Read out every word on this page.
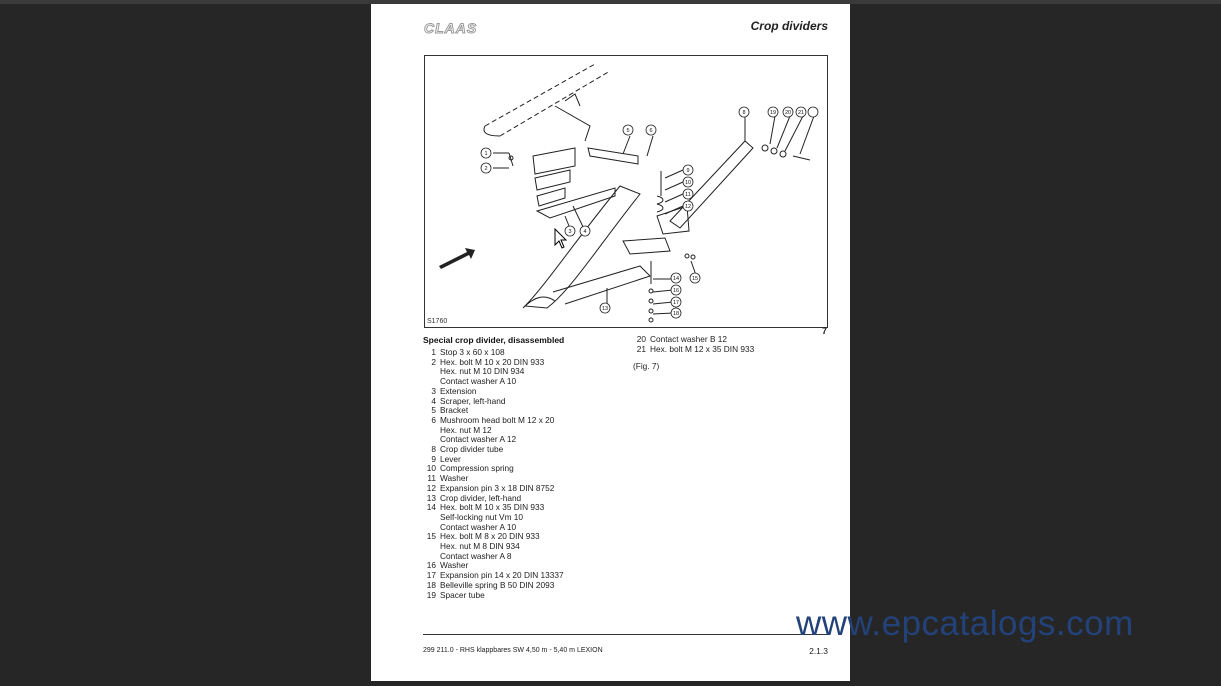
CLAAS	Crop dividers
1
2
3 4
5	6
8
9
10
11
12
13
14 15
16
17
18
19 20 21
S1760
7
Special crop divider, disassembled
1 Stop 3 x 60 x 108
2 Hex. bolt M 10 x 20 DIN 933
Hex. nut M 10 DIN 934
Contact washer A 10
3 Extension
4 Scraper, left-hand
5 Bracket
6 Mushroom head bolt M 12 x 20
Hex. nut M 12
Contact washer A 12
8 Crop divider tube
9 Lever
10 Compression spring
11 Washer
12 Expansion pin 3 x 18 DIN 8752
13 Crop divider, left-hand
14 Hex. bolt M 10 x 35 DIN 933
Self-locking nut Vm 10
Contact washer A 10
15 Hex. bolt M 8 x 20 DIN 933
Hex. nut M 8 DIN 934
Contact washer A 8
16 Washer
17 Expansion pin 14 x 20 DIN 13337
18 Belleville spring B 50 DIN 2093
19 Spacer tube
20 Contact washer B 12
21 Hex. bolt M 12 x 35 DIN 933
(Fig. 7)
299 211.0 - RHS klappbares SW 4,50 m - 5,40 m LEXION	2.1.3
www.epcatalogs.com
